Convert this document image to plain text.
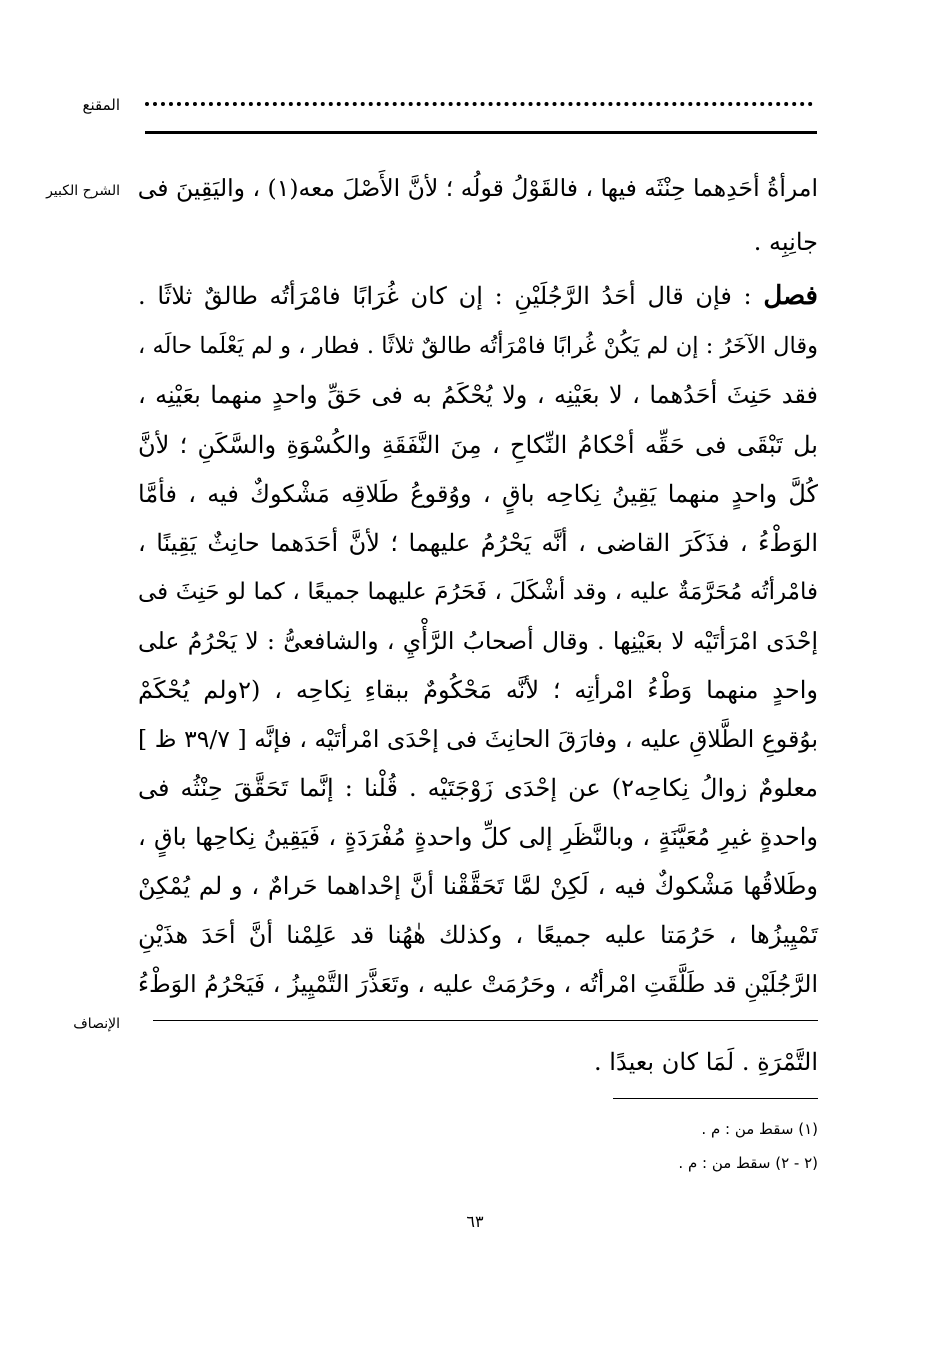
المقنع
الشرح الكبير امرأةُ أحَدِهما حِنْثَه فيها ، فالقَوْلُ قولُه ؛ لأنَّ الأَصْلَ معه(١) ، واليَقِينَ فى
جانِبِه .
فصل : فإن قال أحَدُ الرَّجُلَيْنِ : إن كان غُرَابًا فامْرَأتُه طالقٌ ثلاثًا .
وقال الآخَرُ : إن لم يَكُنْ غُرابًا فامْرَأتُه طالقٌ ثلاثًا . فطار ، و لم يَعْلَما حالَه ،
فقد حَنِثَ أحَدُهما ، لا بعَيْنِه ، ولا يُحْكَمُ به فى حَقِّ واحدٍ منهما بعَيْنِه ،
بل تَبْقَى فى حَقِّه أحْكامُ النِّكاحِ ، مِنَ النَّفَقَةِ والكُسْوَةِ والسَّكَنِ ؛ لأنَّ
كُلَّ واحدٍ منهما يَقِينُ نِكاحِه باقٍ ، ووُقوعُ طَلاقِه مَشْكوكٌ فيه ، فأمَّا
الوَطْءُ ، فذَكَرَ القاضى ، أنَّه يَحْرُمُ عليهما ؛ لأنَّ أحَدَهما حانِثٌ يَقِينًا ،
فامْرأتُه مُحَرَّمَةٌ عليه ، وقد أشْكَلَ ، فَحَرُمَ عليهما جميعًا ، كما لو حَنِثَ فى
إحْدَى امْرَأتَيْه لا بعَيْنِها . وقال أصحابُ الرَّأْيِ ، والشافعىُّ : لا يَحْرُمُ على
واحدٍ منهما وَطْءُ امْرأتِه ؛ لأنَّه مَحْكُومٌ ببقاءِ نِكاحِه ، (٢ولم يُحْكَمْ
بوُقوعِ الطَّلاقِ عليه ، وفارَقَ الحانِثَ فى إحْدَى امْرأتَيْه ، فإنَّه [ ٣٩/٧ ظ ]
معلومٌ زوالُ نِكاحِه٢) عن إحْدَى زَوْجَتَيْه . قُلْنا : إنَّما تَحَقَّقَ حِنْثُه فى
واحدةٍ غيرِ مُعَيَّنَةٍ ، وبالنَّظَرِ إلى كلِّ واحدةٍ مُفْرَدَةٍ ، فَيَقِينُ نِكاحِها باقٍ ،
وطَلاقُها مَشْكوكٌ فيه ، لَكِنْ لمَّا تَحَقَّقْنا أنَّ إحْداهما حَرامٌ ، و لم يُمْكِنْ
تَمْيِيزُها ، حَرُمَتا عليه جميعًا ، وكذلك هٰهُنا قد عَلِمْنا أنَّ أحَدَ هذَيْنِ
الرَّجُلَيْنِ قد طَلَّقَتِ امْرأتُه ، وحَرُمَتْ عليه ، وتَعَذَّرَ التَّمْيِيزُ ، فَيَحْرُمُ الوَطْءُ
الإنصاف
التَّمْرَةِ . لَمَا كان بعيدًا .
(١) سقط من : م .
(٢ - ٢) سقط من : م .
٦٣
